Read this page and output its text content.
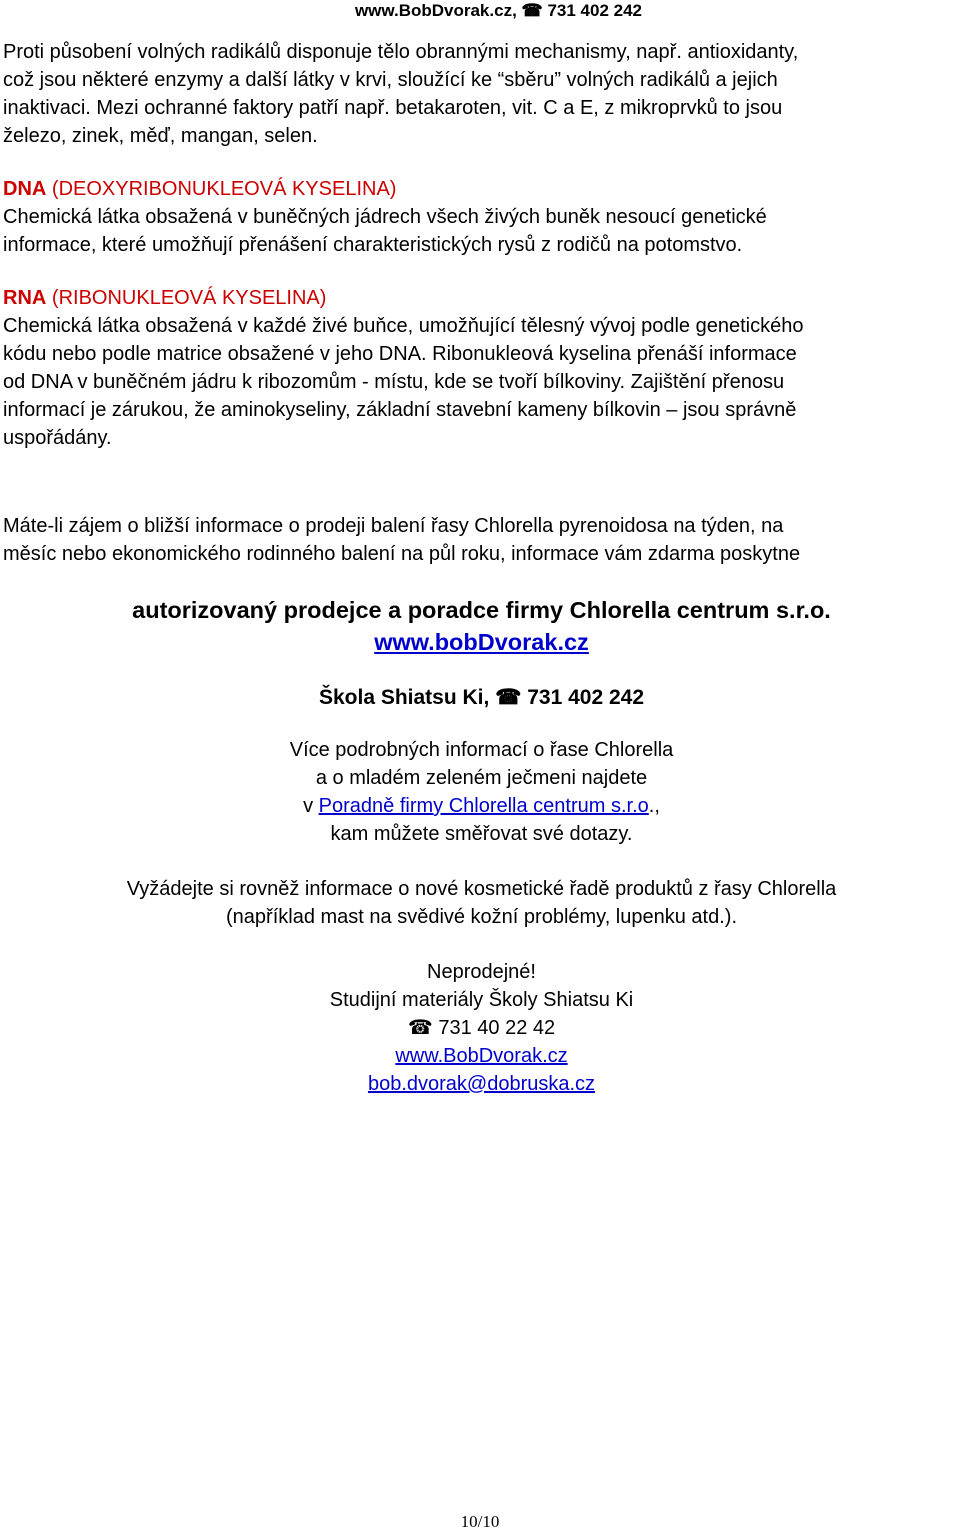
www.BobDvorak.cz, ☎ 731 402 242

Proti působení volných radikálů disponuje tělo obrannými mechanismy, např. antioxidanty,

což jsou některé enzymy a další látky v krvi, sloužící ke “sběru” volných radikálů a jejich

inaktivaci. Mezi ochranné faktory patří např. betakaroten, vit. C a E, z mikroprvků to jsou

železo, zinek, měď, mangan, selen.

DNA (DEOXYRIBONUKLEOVÁ KYSELINA)

Chemická látka obsažená v buněčných jádrech všech živých buněk nesoucí genetické

informace, které umožňují přenášení charakteristických rysů z rodičů na potomstvo.

RNA (RIBONUKLEOVÁ KYSELINA)

Chemická látka obsažená v každé živé buňce, umožňující tělesný vývoj podle genetického

kódu nebo podle matrice obsažené v jeho DNA. Ribonukleová kyselina přenáší informace

od DNA v buněčném jádru k ribozomům - místu, kde se tvoří bílkoviny. Zajištění přenosu

informací je zárukou, že aminokyseliny, základní stavební kameny bílkovin – jsou správně

uspořádány.

Máte-li zájem o bližší informace o prodeji balení řasy Chlorella pyrenoidosa na týden, na

měsíc nebo ekonomického rodinného balení na půl roku, informace vám zdarma poskytne

autorizovaný prodejce a poradce firmy Chlorella centrum s.r.o.

www.bobDvorak.cz

Škola Shiatsu Ki, ☎ 731 402 242

Více podrobných informací o řase Chlorella

a o mladém zeleném ječmeni najdete

v Poradně firmy Chlorella centrum s.r.o.,

kam můžete směřovat své dotazy.

Vyžádejte si rovněž informace o nové kosmetické řadě produktů z řasy Chlorella

(například mast na svědivé kožní problémy, lupenku atd.).

Neprodejné!

Studijní materiály Školy Shiatsu Ki

☎ 731 40 22 42

www.BobDvorak.cz

bob.dvorak@dobruska.cz

10/10
